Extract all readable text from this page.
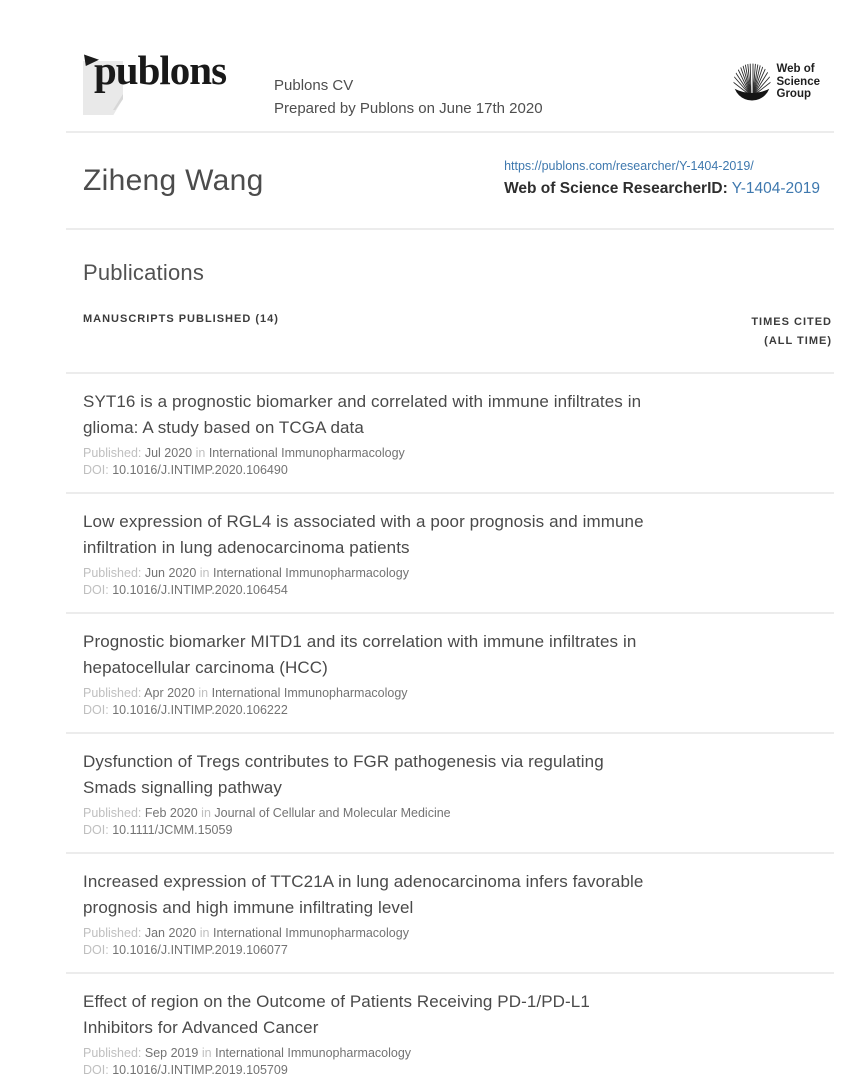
publons	Publons CV
Prepared by Publons on June 17th 2020
Web of
Science
Group
Ziheng Wang	https://publons.com/researcher/Y-1404-2019/
Web of Science ResearcherID: Y-1404-2019
Publications
MANUSCRIPTS PUBLISHED (14)	TIMES CITED
(ALL TIME)
SYT16 is a prognostic biomarker and correlated with immune infiltrates in glioma: A study based on TCGA data
Published: Jul 2020 in International Immunopharmacology
DOI: 10.1016/J.INTIMP.2020.106490
Low expression of RGL4 is associated with a poor prognosis and immune infiltration in lung adenocarcinoma patients
Published: Jun 2020 in International Immunopharmacology
DOI: 10.1016/J.INTIMP.2020.106454
Prognostic biomarker MITD1 and its correlation with immune infiltrates in hepatocellular carcinoma (HCC)
Published: Apr 2020 in International Immunopharmacology
DOI: 10.1016/J.INTIMP.2020.106222
Dysfunction of Tregs contributes to FGR pathogenesis via regulating Smads signalling pathway
Published: Feb 2020 in Journal of Cellular and Molecular Medicine
DOI: 10.1111/JCMM.15059
Increased expression of TTC21A in lung adenocarcinoma infers favorable prognosis and high immune infiltrating level
Published: Jan 2020 in International Immunopharmacology
DOI: 10.1016/J.INTIMP.2019.106077
Effect of region on the Outcome of Patients Receiving PD-1/PD-L1 Inhibitors for Advanced Cancer
Published: Sep 2019 in International Immunopharmacology
DOI: 10.1016/J.INTIMP.2019.105709
